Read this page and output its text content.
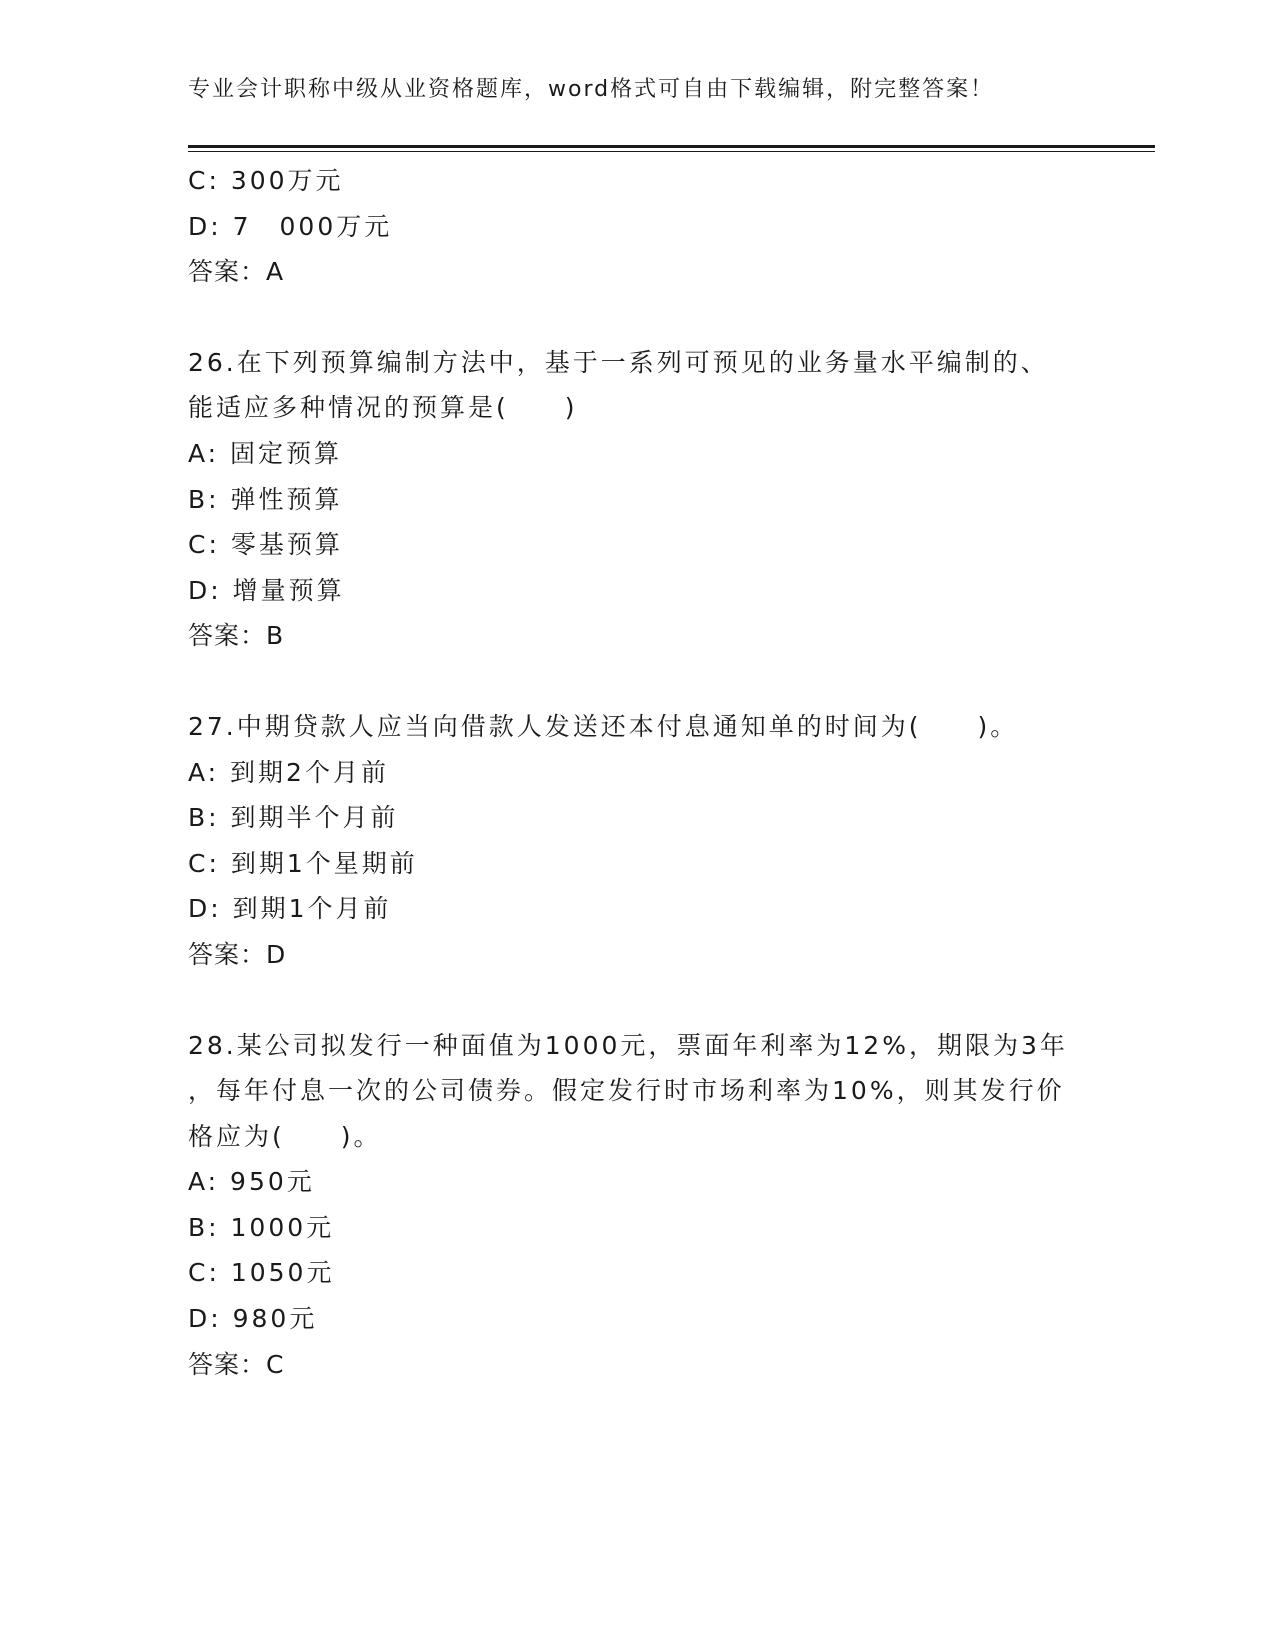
专业会计职称中级从业资格题库，word格式可自由下载编辑，附完整答案！
C: 300万元
D: 7　000万元
答案：A
26.在下列预算编制方法中，基于一系列可预见的业务量水平编制的、
能适应多种情况的预算是(　　)
A: 固定预算
B: 弹性预算
C: 零基预算
D: 增量预算
答案：B
27.中期贷款人应当向借款人发送还本付息通知单的时间为(　　)。
A: 到期2个月前
B: 到期半个月前
C: 到期1个星期前
D: 到期1个月前
答案：D
28.某公司拟发行一种面值为1000元，票面年利率为12%，期限为3年
，每年付息一次的公司债券。假定发行时市场利率为10%，则其发行价
格应为(　　)。
A: 950元
B: 1000元
C: 1050元
D: 980元
答案：C
